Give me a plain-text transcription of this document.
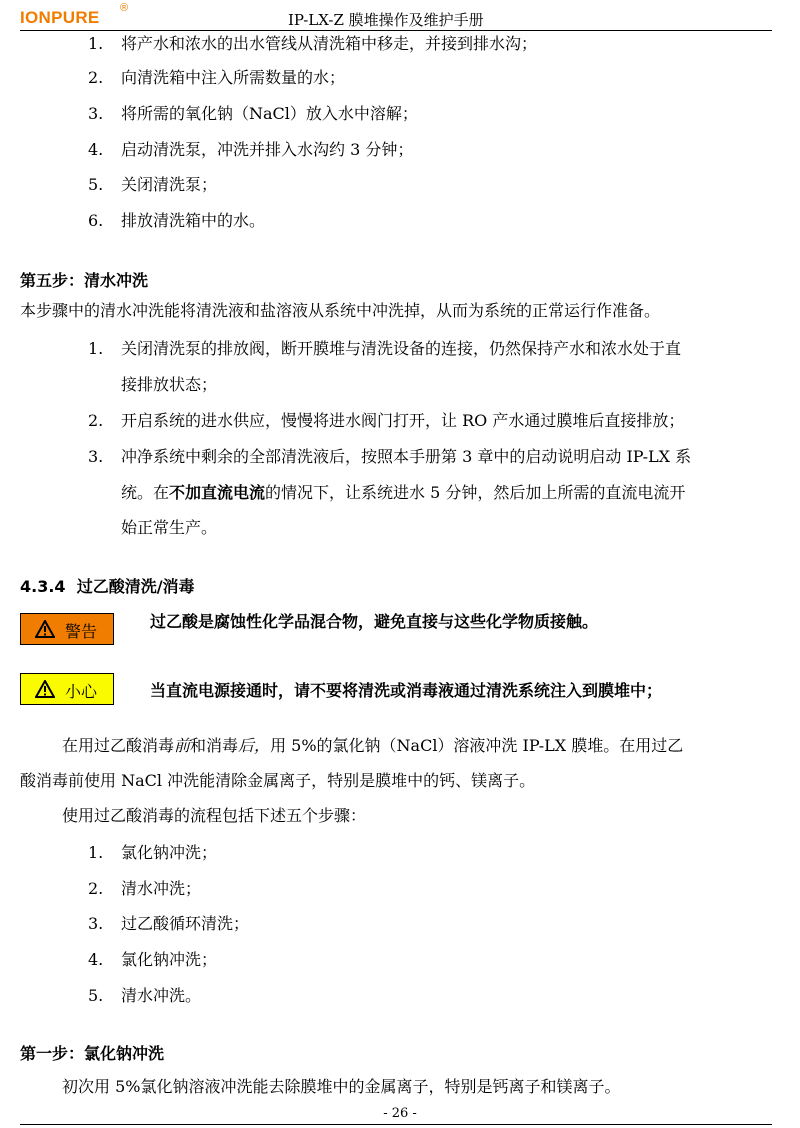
IONPURE ®
IP-LX-Z 膜堆操作及维护手册
1.	将产水和浓水的出水管线从清洗箱中移走，并接到排水沟；
2.	向清洗箱中注入所需数量的水；
3.	将所需的氧化钠（NaCl）放入水中溶解；
4.	启动清洗泵，冲洗并排入水沟约 3 分钟；
5.	关闭清洗泵；
6.	排放清洗箱中的水。
第五步：清水冲洗
本步骤中的清水冲洗能将清洗液和盐溶液从系统中冲洗掉，从而为系统的正常运行作准备。
1.	关闭清洗泵的排放阀，断开膜堆与清洗设备的连接，仍然保持产水和浓水处于直
接排放状态；
2.	开启系统的进水供应，慢慢将进水阀门打开，让 RO 产水通过膜堆后直接排放；
3.	冲净系统中剩余的全部清洗液后，按照本手册第 3 章中的启动说明启动 IP-LX 系
统。在不加直流电流的情况下，让系统进水 5 分钟，然后加上所需的直流电流开
始正常生产。
4.3.4 过乙酸清洗/消毒
警告
过乙酸是腐蚀性化学品混合物，避免直接与这些化学物质接触。
小心	当直流电源接通时，请不要将清洗或消毒液通过清洗系统注入到膜堆中；
在用过乙酸消毒前和消毒后，用 5%的氯化钠（NaCl）溶液冲洗 IP-LX 膜堆。在用过乙
酸消毒前使用 NaCl 冲洗能清除金属离子，特别是膜堆中的钙、镁离子。
使用过乙酸消毒的流程包括下述五个步骤：
1.	氯化钠冲洗；
2.	清水冲洗；
3.	过乙酸循环清洗；
4.	氯化钠冲洗；
5.	清水冲洗。
第一步：氯化钠冲洗
初次用 5%氯化钠溶液冲洗能去除膜堆中的金属离子，特别是钙离子和镁离子。
- 26 -
